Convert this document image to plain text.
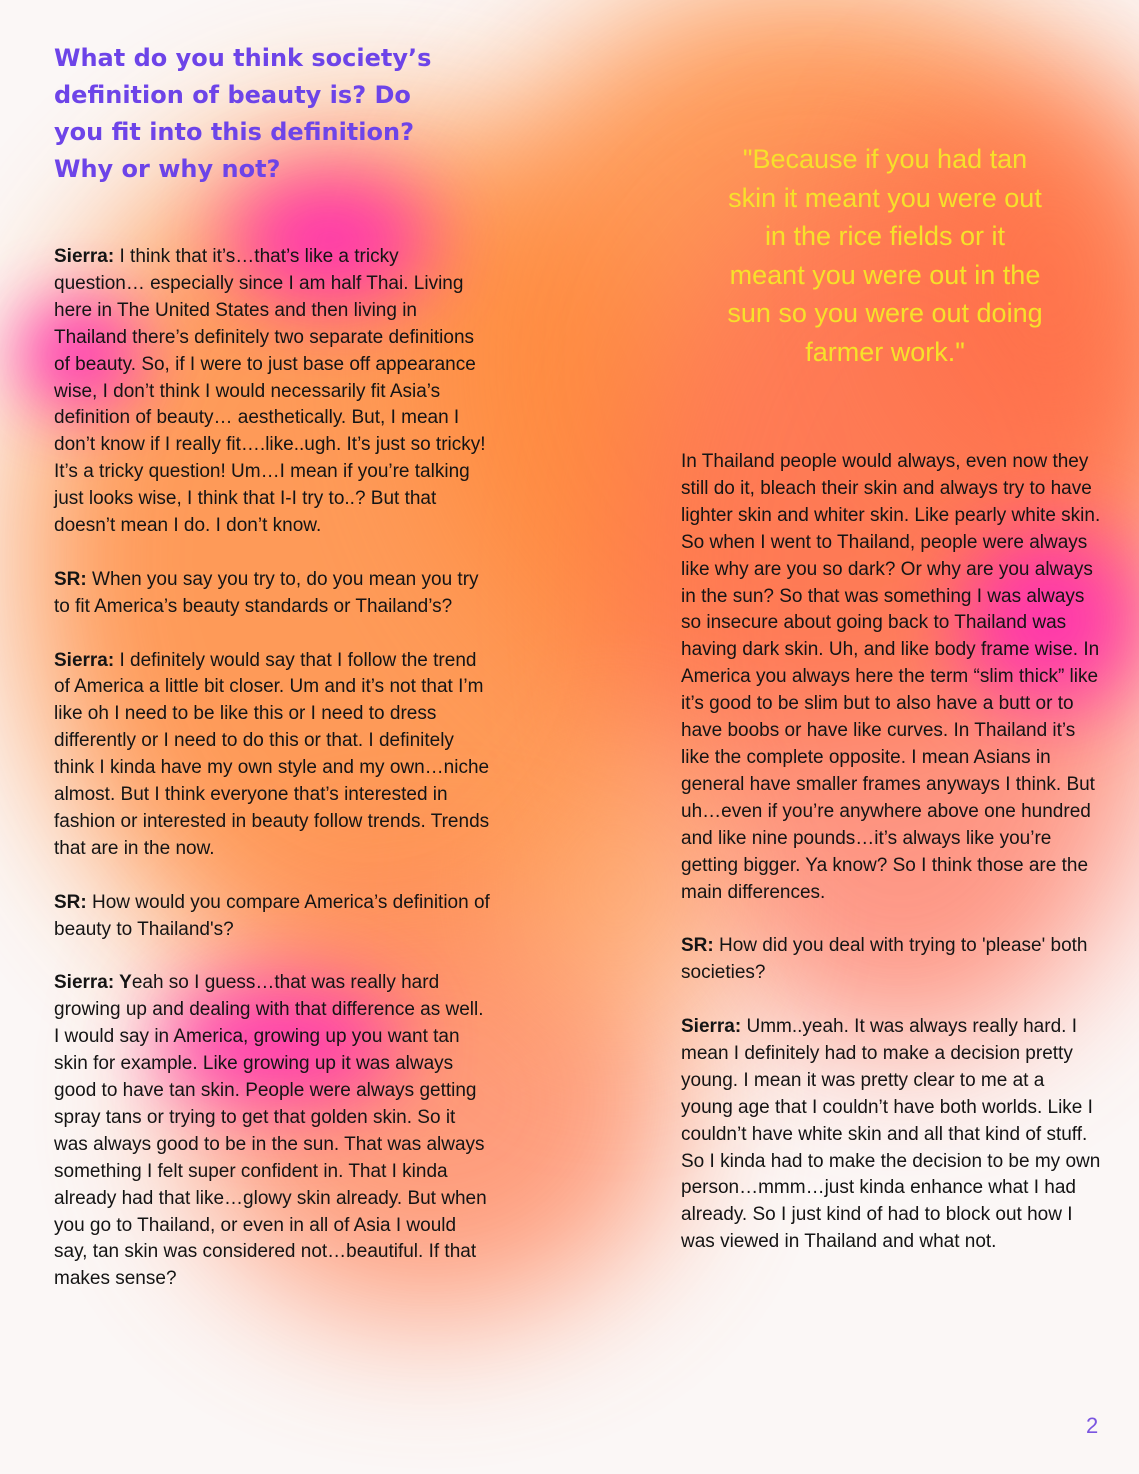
What do you think society’s definition of beauty is? Do you fit into this definition? Why or why not?

Sierra: I think that it’s…that’s like a tricky question… especially since I am half Thai. Living here in The United States and then living in Thailand there’s definitely two separate definitions of beauty. So, if I were to just base off appearance wise, I don’t think I would necessarily fit Asia’s definition of beauty… aesthetically. But, I mean I don’t know if I really fit….like..ugh. It’s just so tricky! It’s a tricky question! Um…I mean if you’re talking just looks wise, I think that I-I try to..? But that doesn’t mean I do. I don’t know.

SR: When you say you try to, do you mean you try to fit America’s beauty standards or Thailand’s?

Sierra: I definitely would say that I follow the trend of America a little bit closer. Um and it’s not that I’m like oh I need to be like this or I need to dress differently or I need to do this or that. I definitely think I kinda have my own style and my own…niche almost. But I think everyone that’s interested in fashion or interested in beauty follow trends. Trends that are in the now.

SR: How would you compare America’s definition of beauty to Thailand's?

Sierra: Yeah so I guess…that was really hard growing up and dealing with that difference as well. I would say in America, growing up you want tan skin for example. Like growing up it was always good to have tan skin. People were always getting spray tans or trying to get that golden skin. So it was always good to be in the sun. That was always something I felt super confident in. That I kinda already had that like…glowy skin already. But when you go to Thailand, or even in all of Asia I would say, tan skin was considered not…beautiful. If that makes sense?

"Because if you had tan skin it meant you were out in the rice fields or it meant you were out in the sun so you were out doing farmer work."

In Thailand people would always, even now they still do it, bleach their skin and always try to have lighter skin and whiter skin. Like pearly white skin. So when I went to Thailand, people were always like why are you so dark? Or why are you always in the sun? So that was something I was always so insecure about going back to Thailand was having dark skin. Uh, and like body frame wise. In America you always here the term “slim thick” like it’s good to be slim but to also have a butt or to have boobs or have like curves. In Thailand it’s like the complete opposite. I mean Asians in general have smaller frames anyways I think. But uh…even if you’re anywhere above one hundred and like nine pounds…it’s always like you’re getting bigger. Ya know? So I think those are the main differences.

SR: How did you deal with trying to 'please' both societies?

Sierra: Umm..yeah. It was always really hard. I mean I definitely had to make a decision pretty young. I mean it was pretty clear to me at a young age that I couldn’t have both worlds. Like I couldn’t have white skin and all that kind of stuff. So I kinda had to make the decision to be my own person…mmm…just kinda enhance what I had already. So I just kind of had to block out how I was viewed in Thailand and what not.

2
